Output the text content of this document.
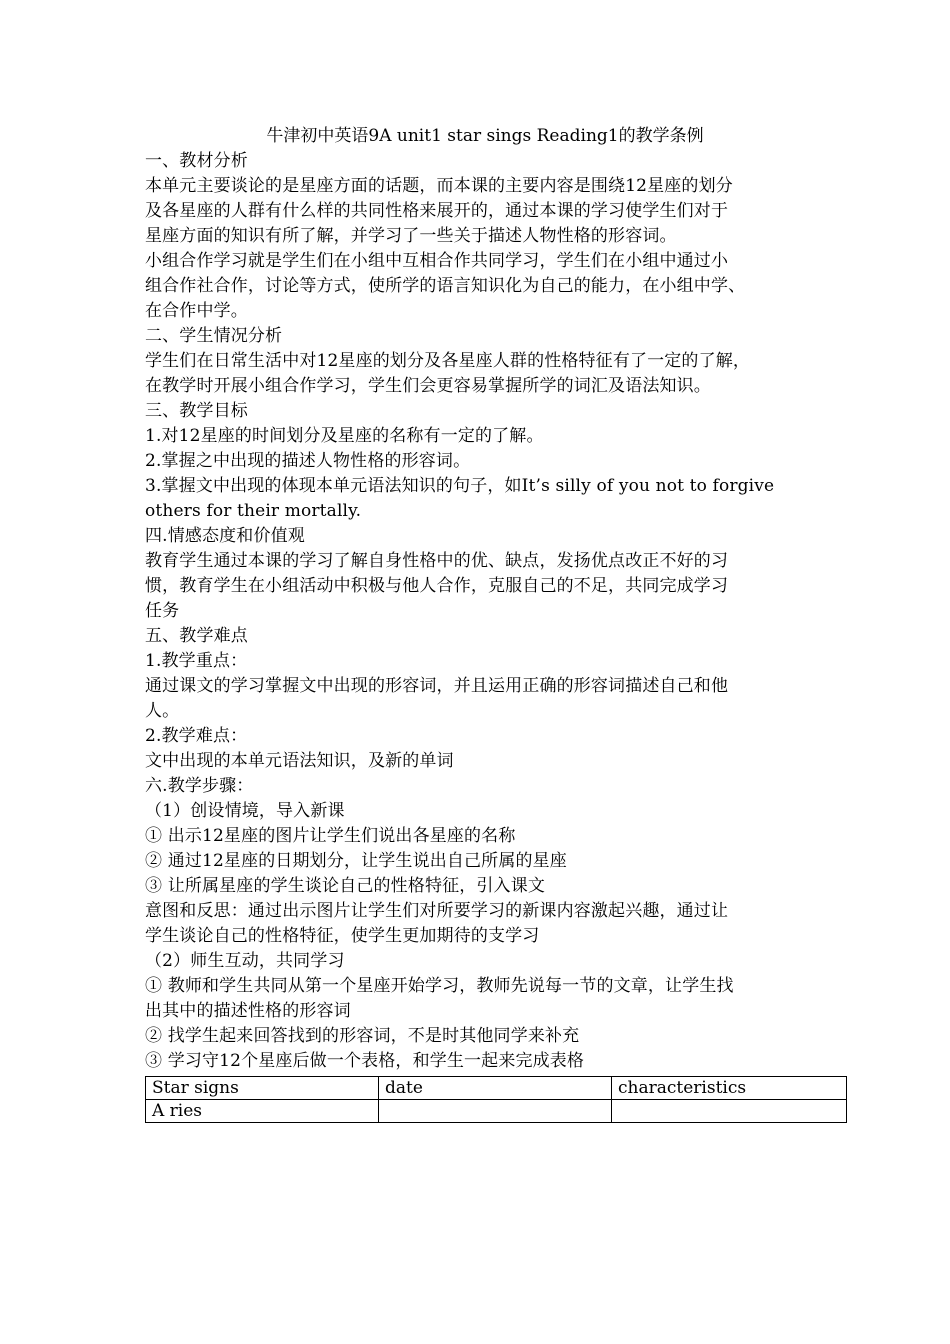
牛津初中英语9A unit1 star sings Reading1的教学条例
一、教材分析
本单元主要谈论的是星座方面的话题，而本课的主要内容是围绕12星座的划分
及各星座的人群有什么样的共同性格来展开的，通过本课的学习使学生们对于
星座方面的知识有所了解，并学习了一些关于描述人物性格的形容词。
小组合作学习就是学生们在小组中互相合作共同学习，学生们在小组中通过小
组合作社合作，讨论等方式，使所学的语言知识化为自己的能力，在小组中学、
在合作中学。
二、学生情况分析
学生们在日常生活中对12星座的划分及各星座人群的性格特征有了一定的了解，
在教学时开展小组合作学习，学生们会更容易掌握所学的词汇及语法知识。
三、教学目标
1.对12星座的时间划分及星座的名称有一定的了解。
2.掌握之中出现的描述人物性格的形容词。
3.掌握文中出现的体现本单元语法知识的句子，如It’s silly of you not to forgive
others for their mortally.
四.情感态度和价值观
教育学生通过本课的学习了解自身性格中的优、缺点，发扬优点改正不好的习
惯，教育学生在小组活动中积极与他人合作，克服自己的不足，共同完成学习
任务
五、教学难点
1.教学重点：
通过课文的学习掌握文中出现的形容词，并且运用正确的形容词描述自己和他
人。
2.教学难点：
文中出现的本单元语法知识，及新的单词
六.教学步骤：
（1）创设情境，导入新课
① 出示12星座的图片让学生们说出各星座的名称
② 通过12星座的日期划分，让学生说出自己所属的星座
③ 让所属星座的学生谈论自己的性格特征，引入课文
意图和反思：通过出示图片让学生们对所要学习的新课内容激起兴趣，通过让
学生谈论自己的性格特征，使学生更加期待的支学习
（2）师生互动，共同学习
① 教师和学生共同从第一个星座开始学习，教师先说每一节的文章，让学生找
出其中的描述性格的形容词
② 找学生起来回答找到的形容词，不是时其他同学来补充
③ 学习守12个星座后做一个表格，和学生一起来完成表格
Star signs	date	characteristics
A ries		
